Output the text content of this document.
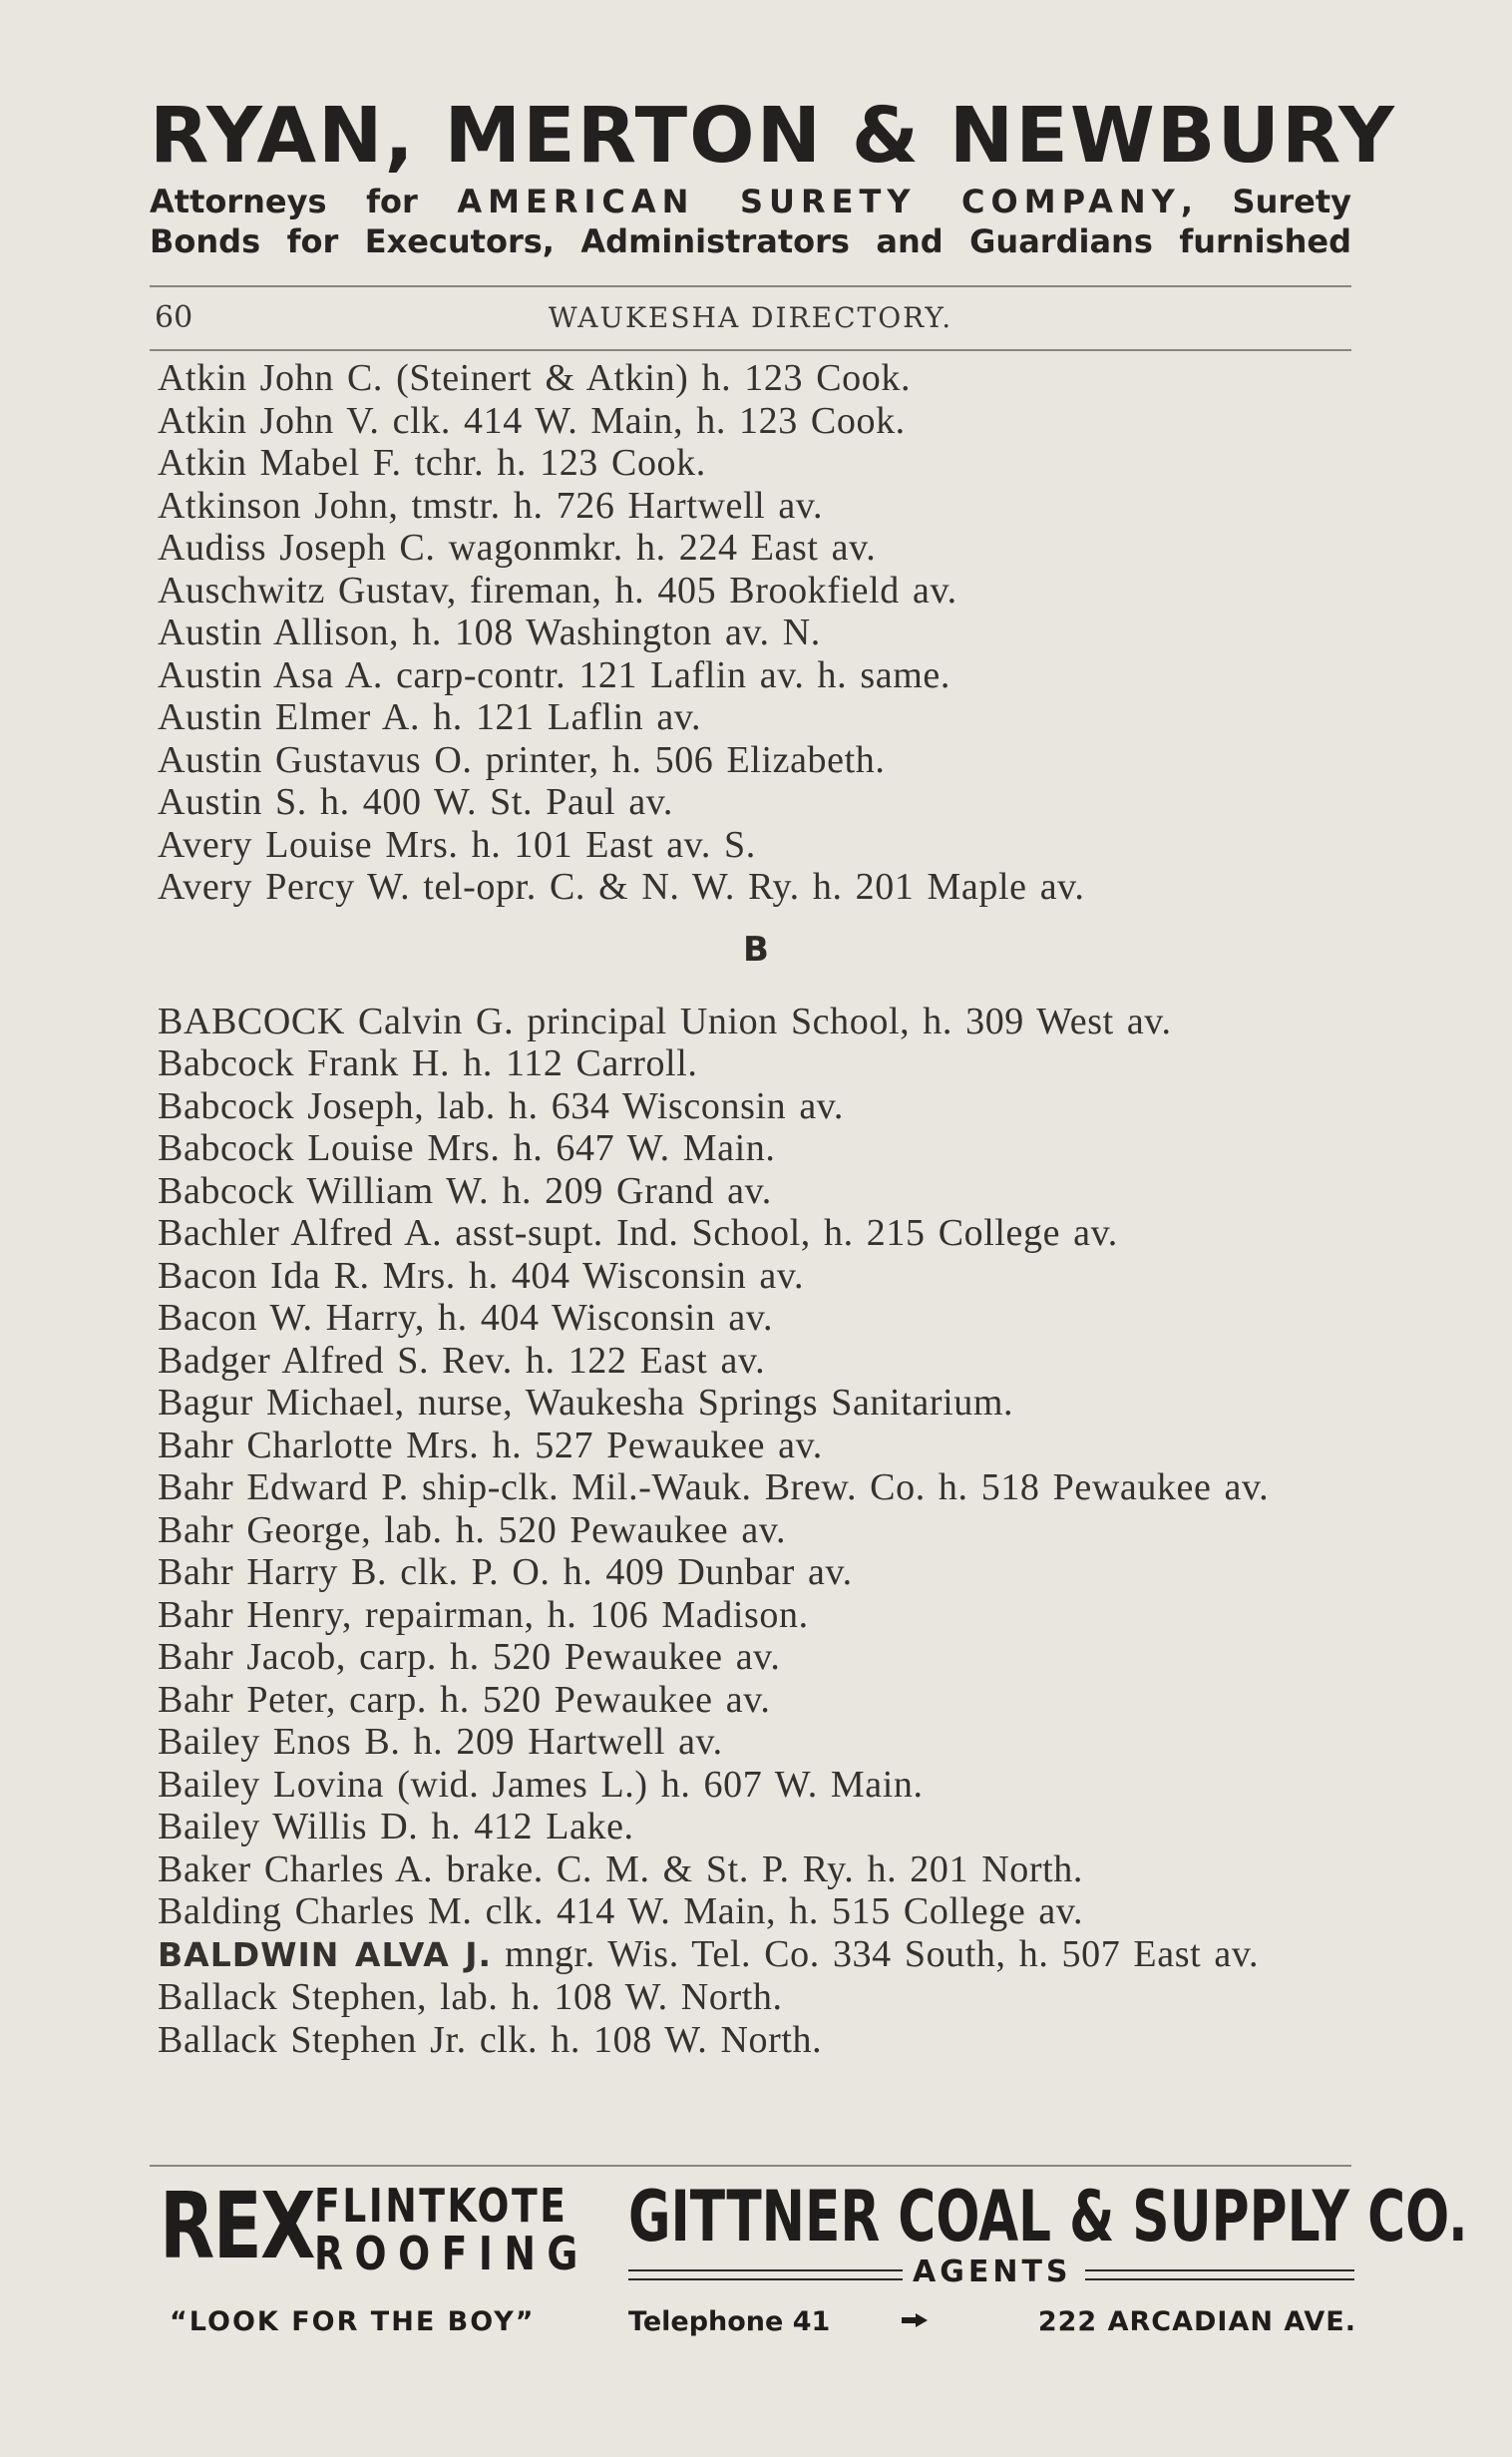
RYAN, MERTON & NEWBURY
Attorneys for AMERICAN SURETY COMPANY, Surety
Bonds for Executors, Administrators and Guardians furnished
60	WAUKESHA DIRECTORY.
Atkin John C. (Steinert & Atkin) h. 123 Cook.
Atkin John V. clk. 414 W. Main, h. 123 Cook.
Atkin Mabel F. tchr. h. 123 Cook.
Atkinson John, tmstr. h. 726 Hartwell av.
Audiss Joseph C. wagonmkr. h. 224 East av.
Auschwitz Gustav, fireman, h. 405 Brookfield av.
Austin Allison, h. 108 Washington av. N.
Austin Asa A. carp-contr. 121 Laflin av. h. same.
Austin Elmer A. h. 121 Laflin av.
Austin Gustavus O. printer, h. 506 Elizabeth.
Austin S. h. 400 W. St. Paul av.
Avery Louise Mrs. h. 101 East av. S.
Avery Percy W. tel-opr. C. & N. W. Ry. h. 201 Maple av.
B
BABCOCK Calvin G. principal Union School, h. 309 West av.
Babcock Frank H. h. 112 Carroll.
Babcock Joseph, lab. h. 634 Wisconsin av.
Babcock Louise Mrs. h. 647 W. Main.
Babcock William W. h. 209 Grand av.
Bachler Alfred A. asst-supt. Ind. School, h. 215 College av.
Bacon Ida R. Mrs. h. 404 Wisconsin av.
Bacon W. Harry, h. 404 Wisconsin av.
Badger Alfred S. Rev. h. 122 East av.
Bagur Michael, nurse, Waukesha Springs Sanitarium.
Bahr Charlotte Mrs. h. 527 Pewaukee av.
Bahr Edward P. ship-clk. Mil.-Wauk. Brew. Co. h. 518 Pewaukee av.
Bahr George, lab. h. 520 Pewaukee av.
Bahr Harry B. clk. P. O. h. 409 Dunbar av.
Bahr Henry, repairman, h. 106 Madison.
Bahr Jacob, carp. h. 520 Pewaukee av.
Bahr Peter, carp. h. 520 Pewaukee av.
Bailey Enos B. h. 209 Hartwell av.
Bailey Lovina (wid. James L.) h. 607 W. Main.
Bailey Willis D. h. 412 Lake.
Baker Charles A. brake. C. M. & St. P. Ry. h. 201 North.
Balding Charles M. clk. 414 W. Main, h. 515 College av.
BALDWIN ALVA J. mngr. Wis. Tel. Co. 334 South, h. 507 East av.
Ballack Stephen, lab. h. 108 W. North.
Ballack Stephen Jr. clk. h. 108 W. North.
REX FLINTKOTE
ROOFING GITTNER COAL & SUPPLY CO.
AGENTS
“LOOK FOR THE BOY”	Telephone 41	222 ARCADIAN AVE.
